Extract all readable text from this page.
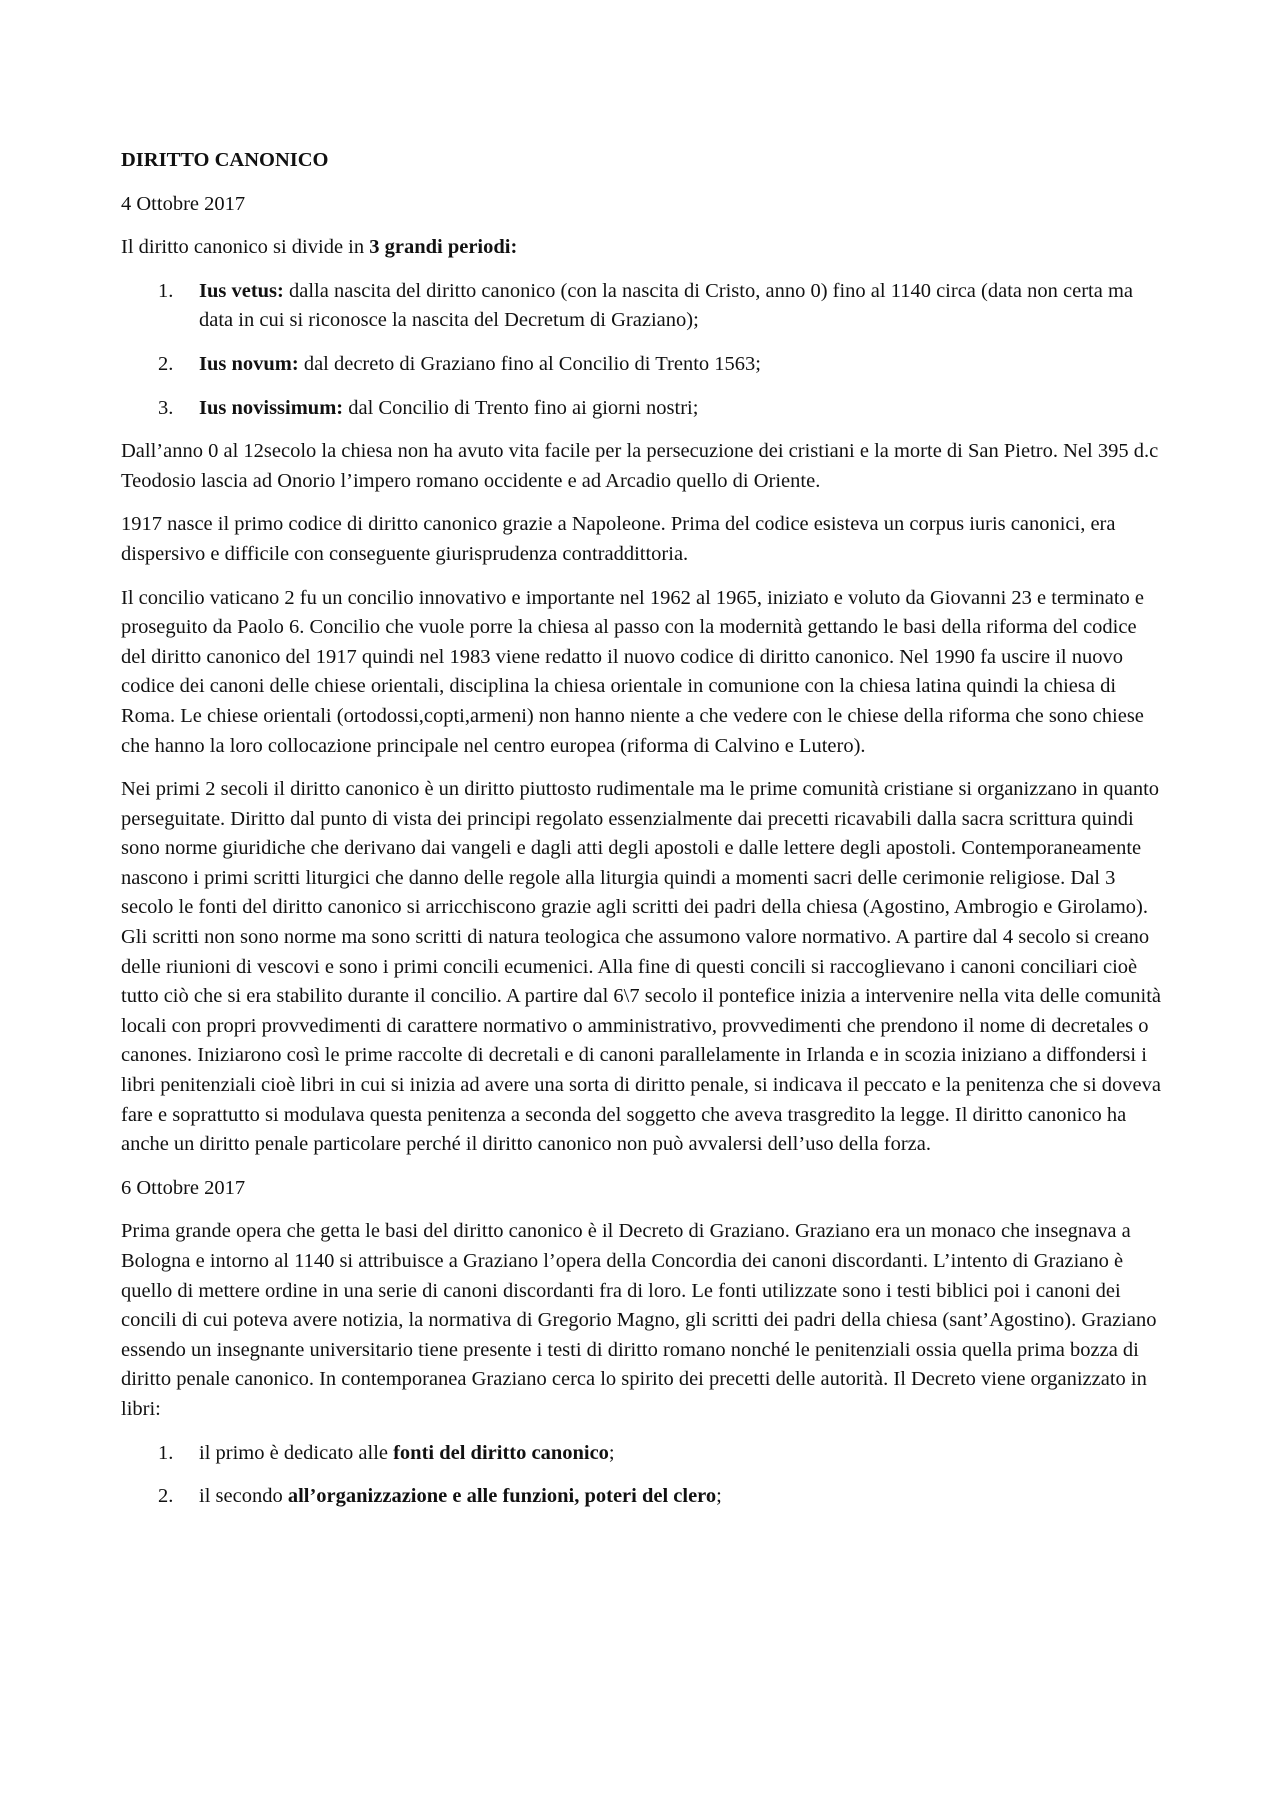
DIRITTO CANONICO

4 Ottobre 2017

Il diritto canonico si divide in 3 grandi periodi:

1. Ius vetus: dalla nascita del diritto canonico (con la nascita di Cristo, anno 0) fino al 1140 circa (data non certa ma data in cui si riconosce la nascita del Decretum di Graziano);
2. Ius novum: dal decreto di Graziano fino al Concilio di Trento 1563;
3. Ius novissimum: dal Concilio di Trento fino ai giorni nostri;

Dall’anno 0 al 12secolo la chiesa non ha avuto vita facile per la persecuzione dei cristiani e la morte di San Pietro. Nel 395 d.c Teodosio lascia ad Onorio l’impero romano occidente e ad Arcadio quello di Oriente.

1917 nasce il primo codice di diritto canonico grazie a Napoleone. Prima del codice esisteva un corpus iuris canonici, era dispersivo e difficile con conseguente giurisprudenza contraddittoria.

Il concilio vaticano 2 fu un concilio innovativo e importante nel 1962 al 1965, iniziato e voluto da Giovanni 23 e terminato e proseguito da Paolo 6. Concilio che vuole porre la chiesa al passo con la modernità gettando le basi della riforma del codice del diritto canonico del 1917 quindi nel 1983 viene redatto il nuovo codice di diritto canonico. Nel 1990 fa uscire il nuovo codice dei canoni delle chiese orientali, disciplina la chiesa orientale in comunione con la chiesa latina quindi la chiesa di Roma. Le chiese orientali (ortodossi,copti,armeni) non hanno niente a che vedere con le chiese della riforma che sono chiese che hanno la loro collocazione principale nel centro europea (riforma di Calvino e Lutero).

Nei primi 2 secoli il diritto canonico è un diritto piuttosto rudimentale ma le prime comunità cristiane si organizzano in quanto perseguitate. Diritto dal punto di vista dei principi regolato essenzialmente dai precetti ricavabili dalla sacra scrittura quindi sono norme giuridiche che derivano dai vangeli e dagli atti degli apostoli e dalle lettere degli apostoli. Contemporaneamente nascono i primi scritti liturgici che danno delle regole alla liturgia quindi a momenti sacri delle cerimonie religiose. Dal 3 secolo le fonti del diritto canonico si arricchiscono grazie agli scritti dei padri della chiesa (Agostino, Ambrogio e Girolamo). Gli scritti non sono norme ma sono scritti di natura teologica che assumono valore normativo. A partire dal 4 secolo si creano delle riunioni di vescovi e sono i primi concili ecumenici. Alla fine di questi concili si raccoglievano i canoni conciliari cioè tutto ciò che si era stabilito durante il concilio. A partire dal 6\7 secolo il pontefice inizia a intervenire nella vita delle comunità locali con propri provvedimenti di carattere normativo o amministrativo, provvedimenti che prendono il nome di decretales o canones. Iniziarono così le prime raccolte di decretali e di canoni parallelamente in Irlanda e in scozia iniziano a diffondersi i libri penitenziali cioè libri in cui si inizia ad avere una sorta di diritto penale, si indicava il peccato e la penitenza che si doveva fare e soprattutto si modulava questa penitenza a seconda del soggetto che aveva trasgredito la legge. Il diritto canonico ha anche un diritto penale particolare perché il diritto canonico non può avvalersi dell’uso della forza.

6 Ottobre 2017

Prima grande opera che getta le basi del diritto canonico è il Decreto di Graziano. Graziano era un monaco che insegnava a Bologna e intorno al 1140 si attribuisce a Graziano l’opera della Concordia dei canoni discordanti. L’intento di Graziano è quello di mettere ordine in una serie di canoni discordanti fra di loro. Le fonti utilizzate sono i testi biblici poi i canoni dei concili di cui poteva avere notizia, la normativa di Gregorio Magno, gli scritti dei padri della chiesa (sant’Agostino). Graziano essendo un insegnante universitario tiene presente i testi di diritto romano nonché le penitenziali ossia quella prima bozza di diritto penale canonico. In contemporanea Graziano cerca lo spirito dei precetti delle autorità. Il Decreto viene organizzato in libri:

1. il primo è dedicato alle fonti del diritto canonico;
2. il secondo all’organizzazione e alle funzioni, poteri del clero;
